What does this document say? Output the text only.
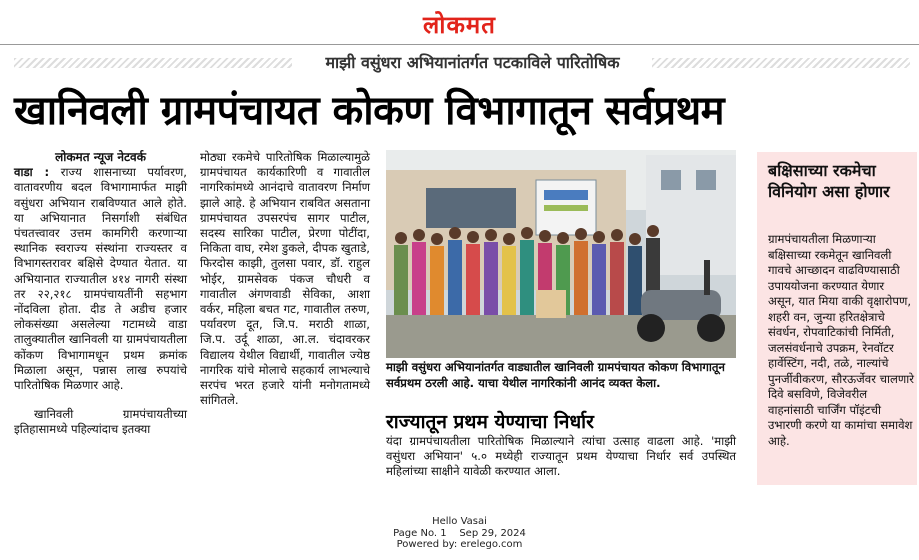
लोकमत
माझी वसुंधरा अभियानांतर्गत पटकाविले पारितोषिक
खानिवली ग्रामपंचायत कोकण विभागातून सर्वप्रथम

लोकमत न्यूज नेटवर्क

वाडा : राज्य शासनाच्या पर्यावरण, वातावरणीय बदल विभागामार्फत माझी वसुंधरा अभियान राबविण्यात आले होते. या अभियानात निसर्गाशी संबंधित पंचतत्त्वावर उत्तम कामगिरी करणाऱ्या स्थानिक स्वराज्य संस्थांना राज्यस्तर व विभागस्तरावर बक्षिसे देण्यात येतात. या अभियानात राज्यातील ४१४ नागरी संस्था तर २२,२१८ ग्रामपंचायतींनी सहभाग नोंदविला होता. दीड ते अडीच हजार लोकसंख्या असलेल्या गटामध्ये वाडा तालुक्यातील खानिवली या ग्रामपंचायतीला कोंकण विभागामधून प्रथम क्रमांक मिळाला असून, पन्नास लाख रुपयांचे पारितोषिक मिळणार आहे.

खानिवली ग्रामपंचायतीच्या इतिहासामध्ये पहिल्यांदाच इतक्या

मोठ्या रकमेचे पारितोषिक मिळाल्यामुळे ग्रामपंचायत कार्यकारिणी व गावातील नागरिकांमध्ये आनंदाचे वातावरण निर्माण झाले आहे. हे अभियान राबवित असताना ग्रामपंचायत उपसरपंच सागर पाटील, सदस्य सारिका पाटील, प्रेरणा पोटींदा, निकिता वाघ, रमेश डुकले, दीपक खुताडे, फिरदोस काझी, तुलसा पवार, डॉ. राहुल भोईर, ग्रामसेवक पंकज चौधरी व गावातील अंगणवाडी सेविका, आशा वर्कर, महिला बचत गट, गावातील तरुण, पर्यावरण दूत, जि.प. मराठी शाळा, जि.प. उर्दू शाळा, आ.ल. चंदावरकर विद्यालय येथील विद्यार्थी, गावातील ज्येष्ठ नागरिक यांचे मोलाचे सहकार्य लाभल्याचे सरपंच भरत हजारे यांनी मनोगतामध्ये सांगितले.

माझी वसुंधरा अभियानांतर्गत वाड्यातील खानिवली ग्रामपंचायत कोकण विभागातून सर्वप्रथम ठरली आहे. याचा येथील नागरिकांनी आनंद व्यक्त केला.
राज्यातून प्रथम येण्याचा निर्धार
यंदा ग्रामपंचायतीला पारितोषिक मिळाल्याने त्यांचा उत्साह वाढला आहे. 'माझी वसुंधरा अभियान' ५.० मध्येही राज्यातून प्रथम येण्याचा निर्धार सर्व उपस्थित महिलांच्या साक्षीने यावेळी करण्यात आला.
बक्षिसाच्या रकमेचा विनियोग असा होणार
ग्रामपंचायतीला मिळणाऱ्या बक्षिसाच्या रकमेतून खानिवली गावचे आच्छादन वाढविण्यासाठी उपाययोजना करण्यात येणार असून, यात मिया वाकी वृक्षारोपण, शहरी वन, जुन्या हरितक्षेत्राचे संवर्धन, रोपवाटिकांची निर्मिती, जलसंवर्धनाचे उपक्रम, रेनवॉटर हार्वेस्टिंग, नदी, तळे, नाल्यांचे पुनर्जीवीकरण, सौरऊर्जेवर चालणारे दिवे बसविणे, विजेवरील वाहनांसाठी चार्जिंग पॉइंटची उभारणी करणे या कामांचा समावेश आहे.
Hello Vasai
Page No. 1    Sep 29, 2024
Powered by: erelego.com
